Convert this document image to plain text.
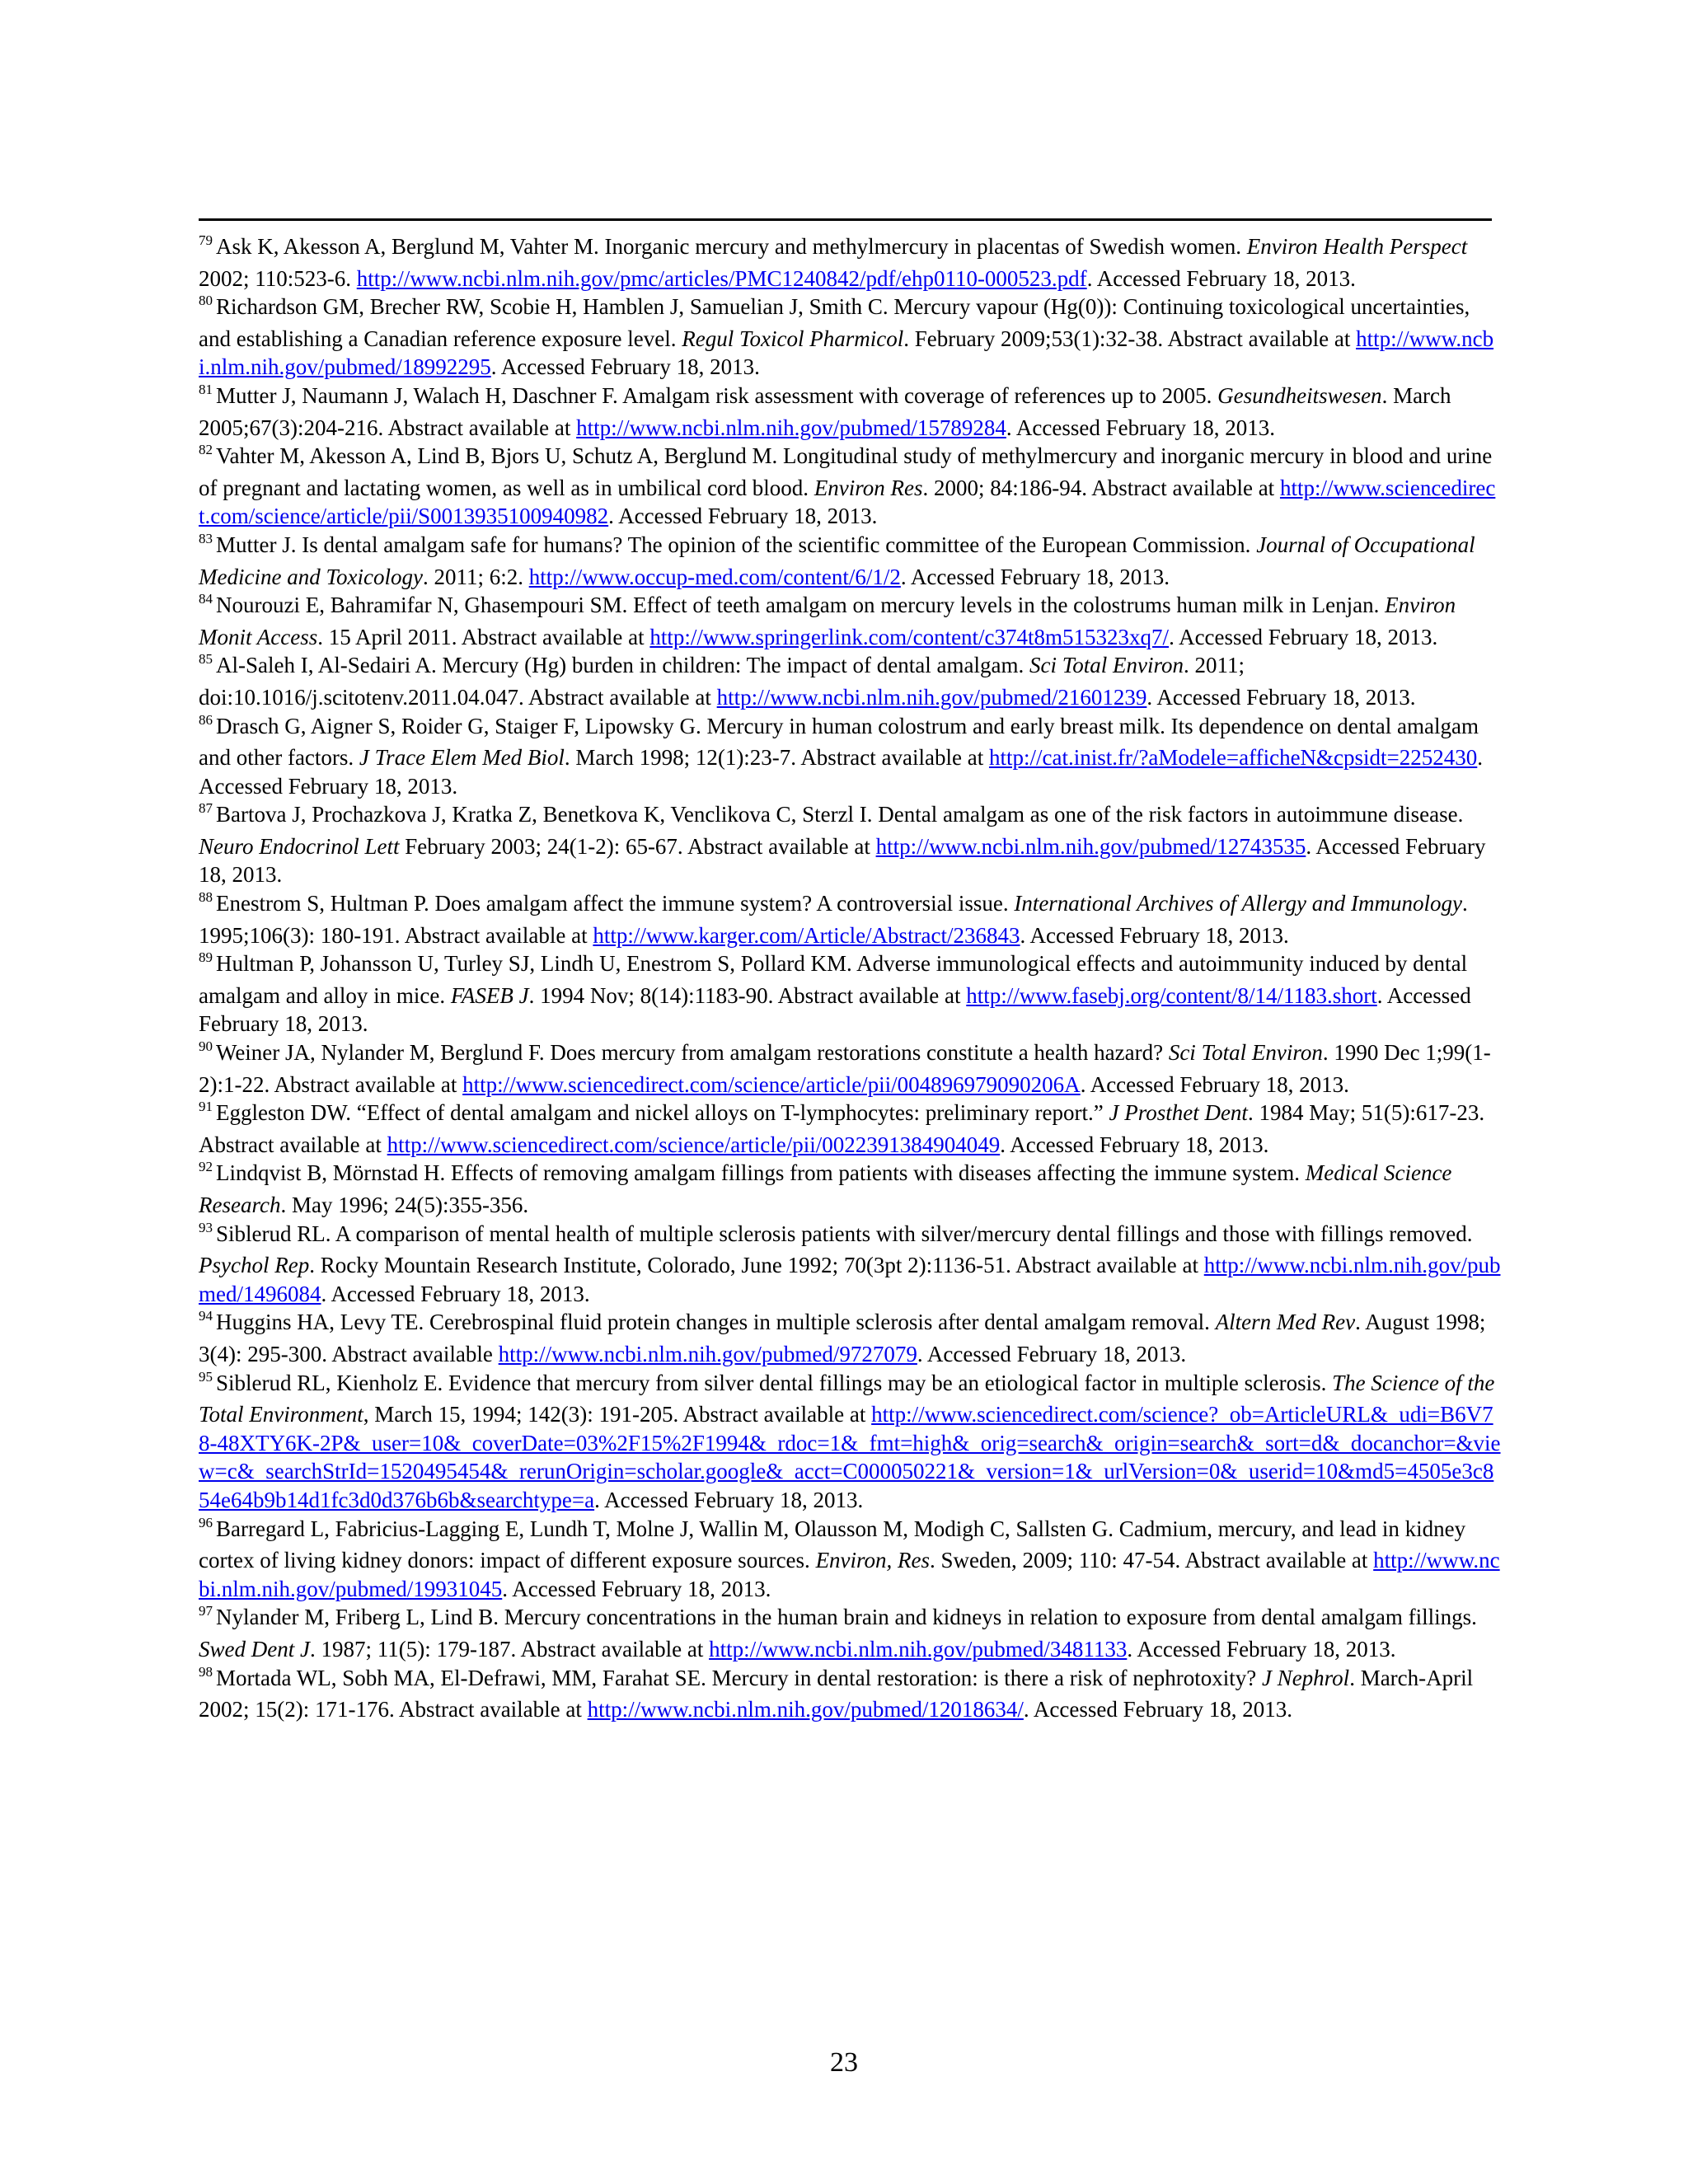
$^{79}$ Ask K, Akesson A, Berglund M, Vahter M. Inorganic mercury and methylmercury in placentas of Swedish women. Environ Health Perspect 2002; 110:523-6. http://www.ncbi.nlm.nih.gov/pmc/articles/PMC1240842/pdf/ehp0110-000523.pdf. Accessed February 18, 2013.

$^{80}$ Richardson GM, Brecher RW, Scobie H, Hamblen J, Samuelian J, Smith C. Mercury vapour (Hg(0)): Continuing toxicological uncertainties, and establishing a Canadian reference exposure level. Regul Toxicol Pharmicol. February 2009;53(1):32-38. Abstract available at http://www.ncbi.nlm.nih.gov/pubmed/18992295. Accessed February 18, 2013.

$^{81}$ Mutter J, Naumann J, Walach H, Daschner F. Amalgam risk assessment with coverage of references up to 2005. Gesundheitswesen. March 2005;67(3):204-216. Abstract available at http://www.ncbi.nlm.nih.gov/pubmed/15789284. Accessed February 18, 2013.

$^{82}$ Vahter M, Akesson A, Lind B, Bjors U, Schutz A, Berglund M. Longitudinal study of methylmercury and inorganic mercury in blood and urine of pregnant and lactating women, as well as in umbilical cord blood. Environ Res. 2000; 84:186-94. Abstract available at http://www.sciencedirect.com/science/article/pii/S0013935100940982. Accessed February 18, 2013.

$^{83}$ Mutter J. Is dental amalgam safe for humans? The opinion of the scientific committee of the European Commission. Journal of Occupational Medicine and Toxicology. 2011; 6:2. http://www.occup-med.com/content/6/1/2. Accessed February 18, 2013.

$^{84}$ Nourouzi E, Bahramifar N, Ghasempouri SM. Effect of teeth amalgam on mercury levels in the colostrums human milk in Lenjan. Environ Monit Access. 15 April 2011. Abstract available at http://www.springerlink.com/content/c374t8m515323xq7/. Accessed February 18, 2013.

$^{85}$ Al-Saleh I, Al-Sedairi A. Mercury (Hg) burden in children: The impact of dental amalgam. Sci Total Environ. 2011; doi:10.1016/j.scitotenv.2011.04.047. Abstract available at http://www.ncbi.nlm.nih.gov/pubmed/21601239. Accessed February 18, 2013.

$^{86}$ Drasch G, Aigner S, Roider G, Staiger F, Lipowsky G. Mercury in human colostrum and early breast milk. Its dependence on dental amalgam and other factors. J Trace Elem Med Biol. March 1998; 12(1):23-7. Abstract available at http://cat.inist.fr/?aModele=afficheN&cpsidt=2252430. Accessed February 18, 2013.

$^{87}$ Bartova J, Prochazkova J, Kratka Z, Benetkova K, Venclikova C, Sterzl I. Dental amalgam as one of the risk factors in autoimmune disease. Neuro Endocrinol Lett February 2003; 24(1-2): 65-67. Abstract available at http://www.ncbi.nlm.nih.gov/pubmed/12743535. Accessed February 18, 2013.

$^{88}$ Enestrom S, Hultman P. Does amalgam affect the immune system? A controversial issue. International Archives of Allergy and Immunology. 1995;106(3): 180-191. Abstract available at http://www.karger.com/Article/Abstract/236843. Accessed February 18, 2013.

$^{89}$ Hultman P, Johansson U, Turley SJ, Lindh U, Enestrom S, Pollard KM. Adverse immunological effects and autoimmunity induced by dental amalgam and alloy in mice. FASEB J. 1994 Nov; 8(14):1183-90. Abstract available at http://www.fasebj.org/content/8/14/1183.short. Accessed February 18, 2013.

$^{90}$ Weiner JA, Nylander M, Berglund F. Does mercury from amalgam restorations constitute a health hazard? Sci Total Environ. 1990 Dec 1;99(1-2):1-22. Abstract available at http://www.sciencedirect.com/science/article/pii/004896979090206A. Accessed February 18, 2013.

$^{91}$ Eggleston DW. “Effect of dental amalgam and nickel alloys on T-lymphocytes: preliminary report.” J Prosthet Dent. 1984 May; 51(5):617-23. Abstract available at http://www.sciencedirect.com/science/article/pii/0022391384904049. Accessed February 18, 2013.

$^{92}$ Lindqvist B, Mörnstad H. Effects of removing amalgam fillings from patients with diseases affecting the immune system. Medical Science Research. May 1996; 24(5):355-356.

$^{93}$ Siblerud RL. A comparison of mental health of multiple sclerosis patients with silver/mercury dental fillings and those with fillings removed. Psychol Rep. Rocky Mountain Research Institute, Colorado, June 1992; 70(3pt 2):1136-51. Abstract available at http://www.ncbi.nlm.nih.gov/pubmed/1496084. Accessed February 18, 2013.

$^{94}$ Huggins HA, Levy TE. Cerebrospinal fluid protein changes in multiple sclerosis after dental amalgam removal. Altern Med Rev. August 1998; 3(4): 295-300. Abstract available http://www.ncbi.nlm.nih.gov/pubmed/9727079. Accessed February 18, 2013.

$^{95}$ Siblerud RL, Kienholz E. Evidence that mercury from silver dental fillings may be an etiological factor in multiple sclerosis. The Science of the Total Environment, March 15, 1994; 142(3): 191-205. Abstract available at http://www.sciencedirect.com/science?_ob=ArticleURL&_udi=B6V78-48XTY6K-2P&_user=10&_coverDate=03%2F15%2F1994&_rdoc=1&_fmt=high&_orig=search&_origin=search&_sort=d&_docanchor=&view=c&_searchStrId=1520495454&_rerunOrigin=scholar.google&_acct=C000050221&_version=1&_urlVersion=0&_userid=10&md5=4505e3c854e64b9b14d1fc3d0d376b6b&searchtype=a. Accessed February 18, 2013.

$^{96}$ Barregard L, Fabricius-Lagging E, Lundh T, Molne J, Wallin M, Olausson M, Modigh C, Sallsten G. Cadmium, mercury, and lead in kidney cortex of living kidney donors: impact of different exposure sources. Environ, Res. Sweden, 2009; 110: 47-54. Abstract available at http://www.ncbi.nlm.nih.gov/pubmed/19931045. Accessed February 18, 2013.

$^{97}$ Nylander M, Friberg L, Lind B. Mercury concentrations in the human brain and kidneys in relation to exposure from dental amalgam fillings. Swed Dent J. 1987; 11(5): 179-187. Abstract available at http://www.ncbi.nlm.nih.gov/pubmed/3481133. Accessed February 18, 2013.

$^{98}$ Mortada WL, Sobh MA, El-Defrawi, MM, Farahat SE. Mercury in dental restoration: is there a risk of nephrotoxity? J Nephrol. March-April 2002; 15(2): 171-176. Abstract available at http://www.ncbi.nlm.nih.gov/pubmed/12018634/. Accessed February 18, 2013.

23
